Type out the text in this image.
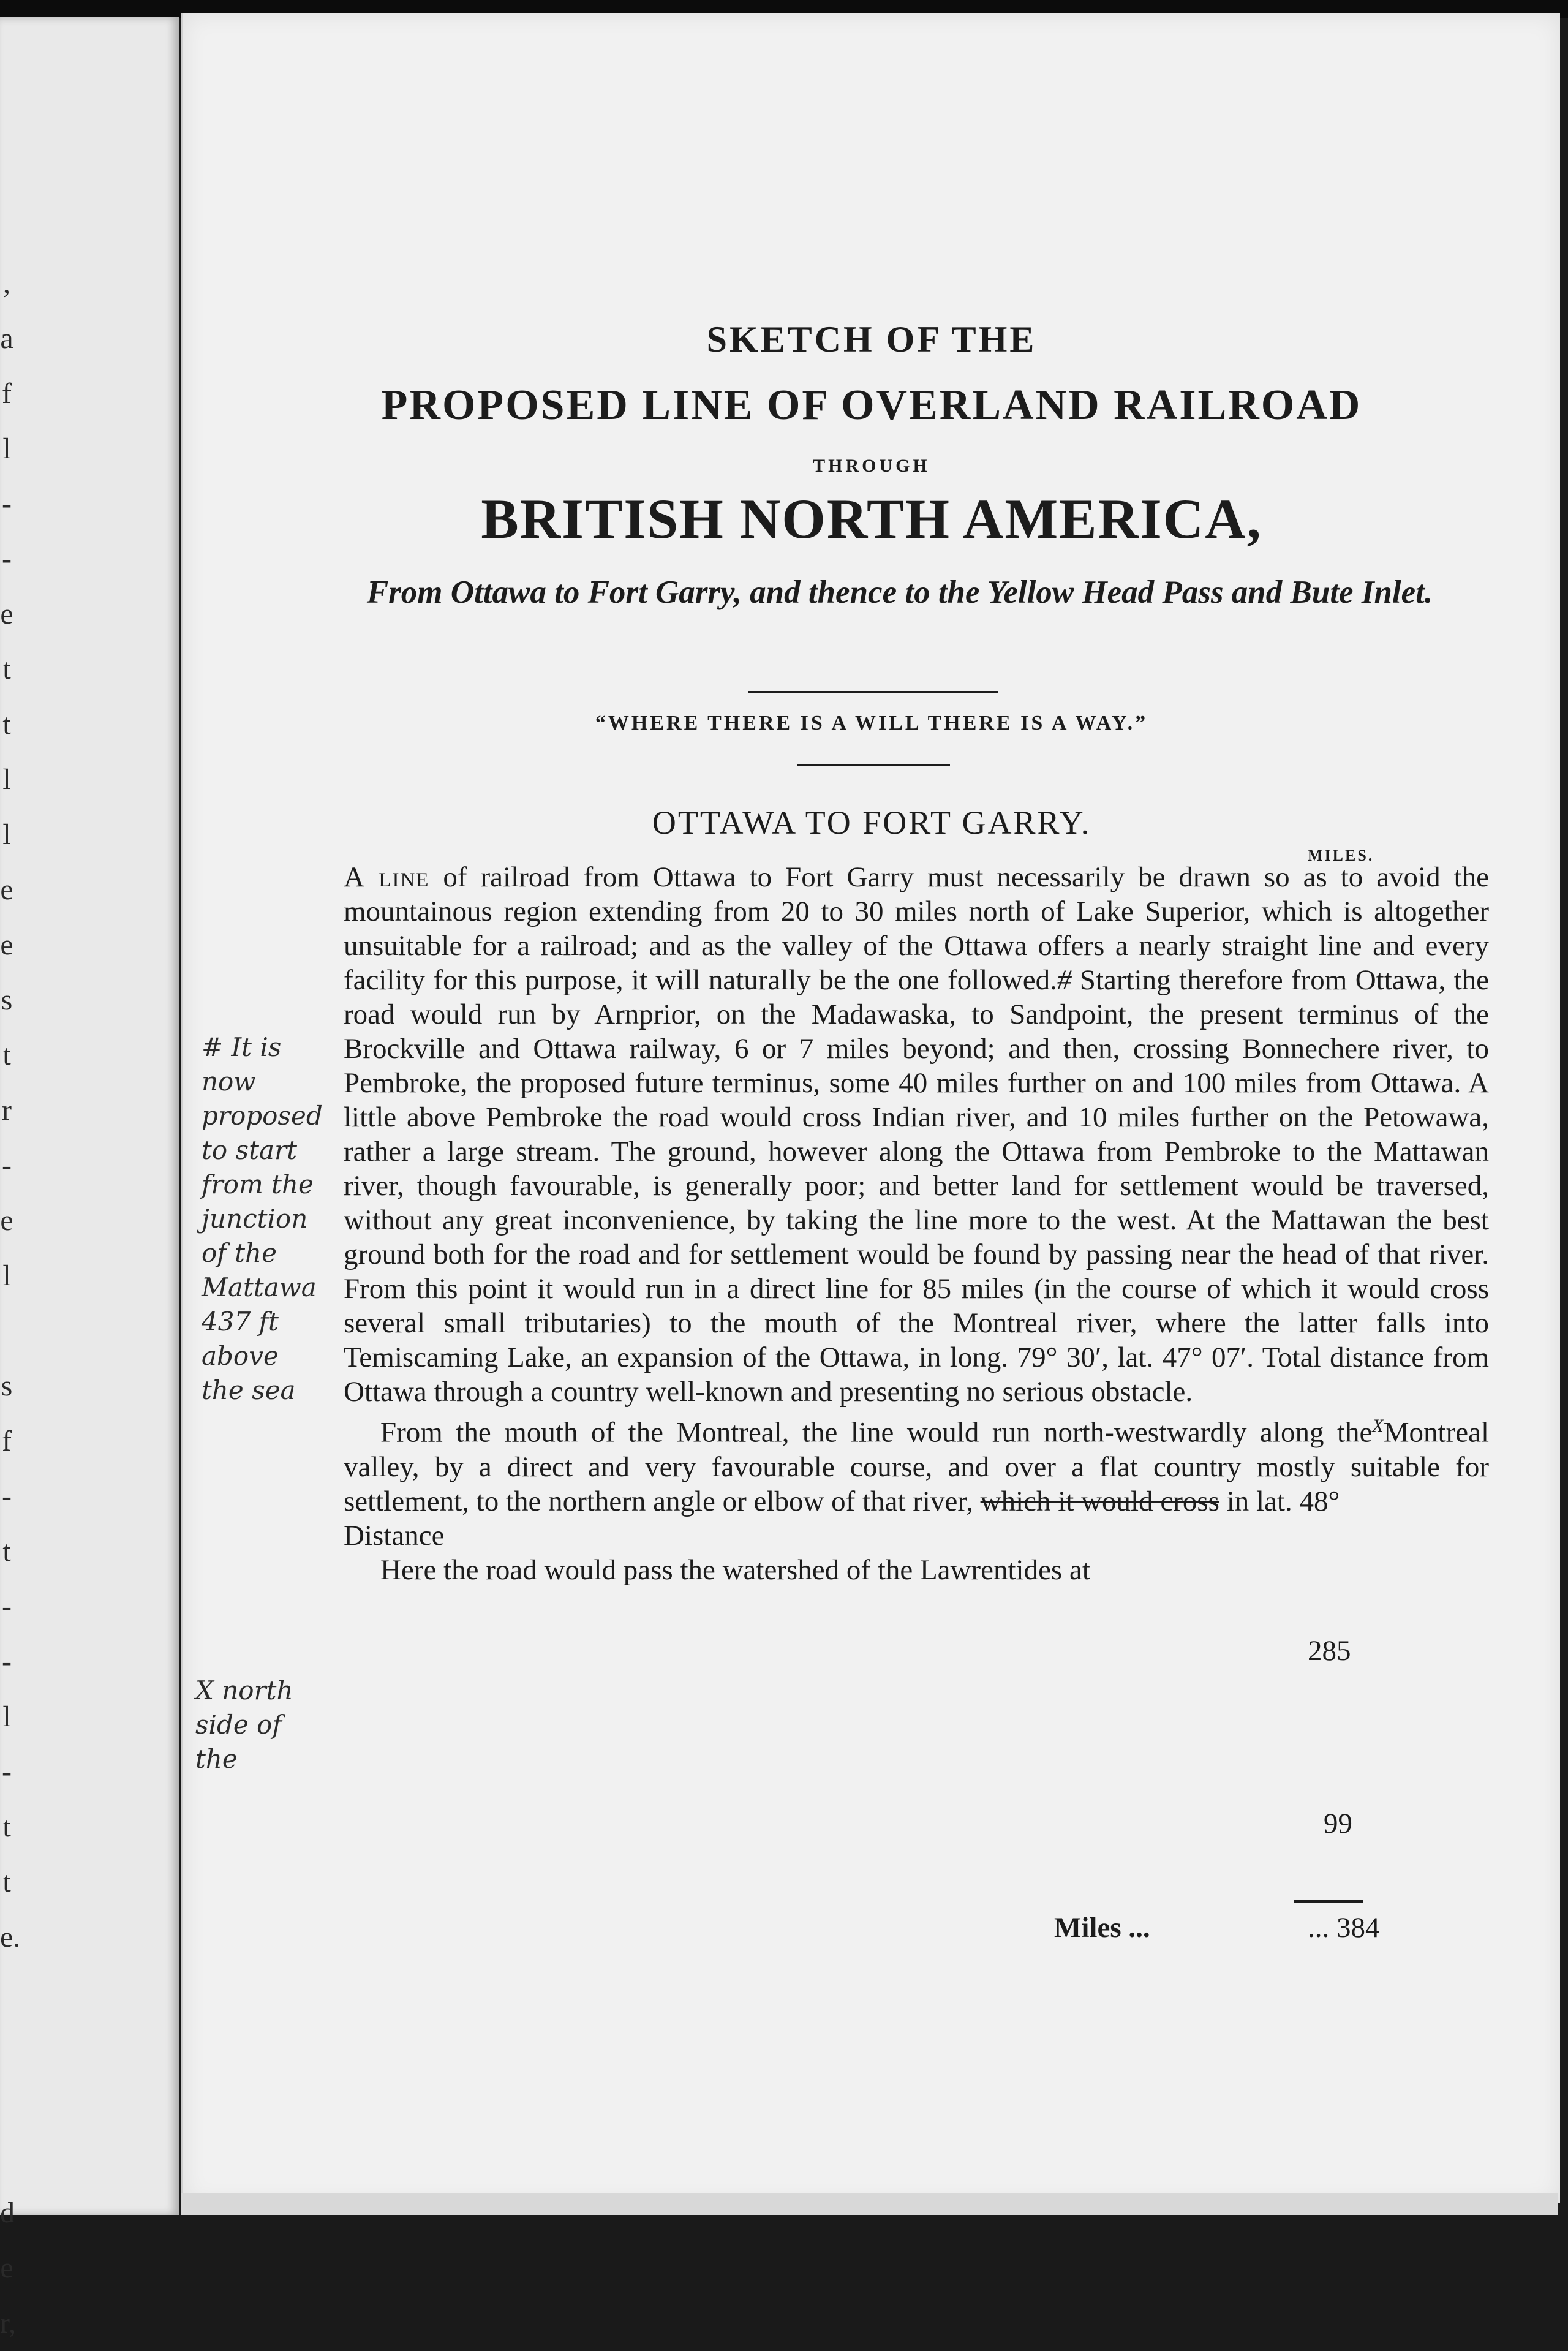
,
a
f
l
-
-
e
t
t
l
l
e
e
s
t
r
-
e
l
s
f
-
t
-
-
l
-
t
t
e.
d
e
r,
SKETCH OF THE
PROPOSED LINE OF OVERLAND RAILROAD
THROUGH
BRITISH NORTH AMERICA,
From Ottawa to Fort Garry, and thence to the Yellow Head Pass and Bute Inlet.
“WHERE THERE IS A WILL THERE IS A WAY.”
OTTAWA TO FORT GARRY.
MILES.

A line of railroad from Ottawa to Fort Garry must necessarily be drawn so as to avoid the mountainous region extending from 20 to 30 miles north of Lake Superior, which is altogether unsuitable for a railroad; and as the valley of the Ottawa offers a nearly straight line and every facility for this purpose, it will naturally be the one followed.# Starting therefore from Ottawa, the road would run by Arnprior, on the Madawaska, to Sandpoint, the present terminus of the Brockville and Ottawa railway, 6 or 7 miles beyond; and then, crossing Bonnechere river, to Pembroke, the proposed future terminus, some 40 miles further on and 100 miles from Ottawa. A little above Pembroke the road would cross Indian river, and 10 miles further on the Petowawa, rather a large stream. The ground, however along the Ottawa from Pembroke to the Mattawan river, though favourable, is generally poor; and better land for settlement would be traversed, without any great inconvenience, by taking the line more to the west. At the Mattawan the best ground both for the road and for settlement would be found by passing near the head of that river. From this point it would run in a direct line for 85 miles (in the course of which it would cross several small tributaries) to the mouth of the Montreal river, where the latter falls into Temiscaming Lake, an expansion of the Ottawa, in long. 79° 30′, lat. 47° 07′. Total distance from Ottawa through a country well-known and presenting no serious obstacle.

From the mouth of the Montreal, the line would run north-westwardly along the$^X$Montreal valley, by a direct and very favourable course, and over a flat country mostly suitable for settlement, to the northern angle or elbow of that river, which it would cross in lat. 48°
Distance

Here the road would pass the watershed of the Lawrentides at

285
99
Miles ...	... 384
# It is
now
proposed
to start
from the
junction
of the
Mattawa
437 ft
above
the sea
X north
side of
the
